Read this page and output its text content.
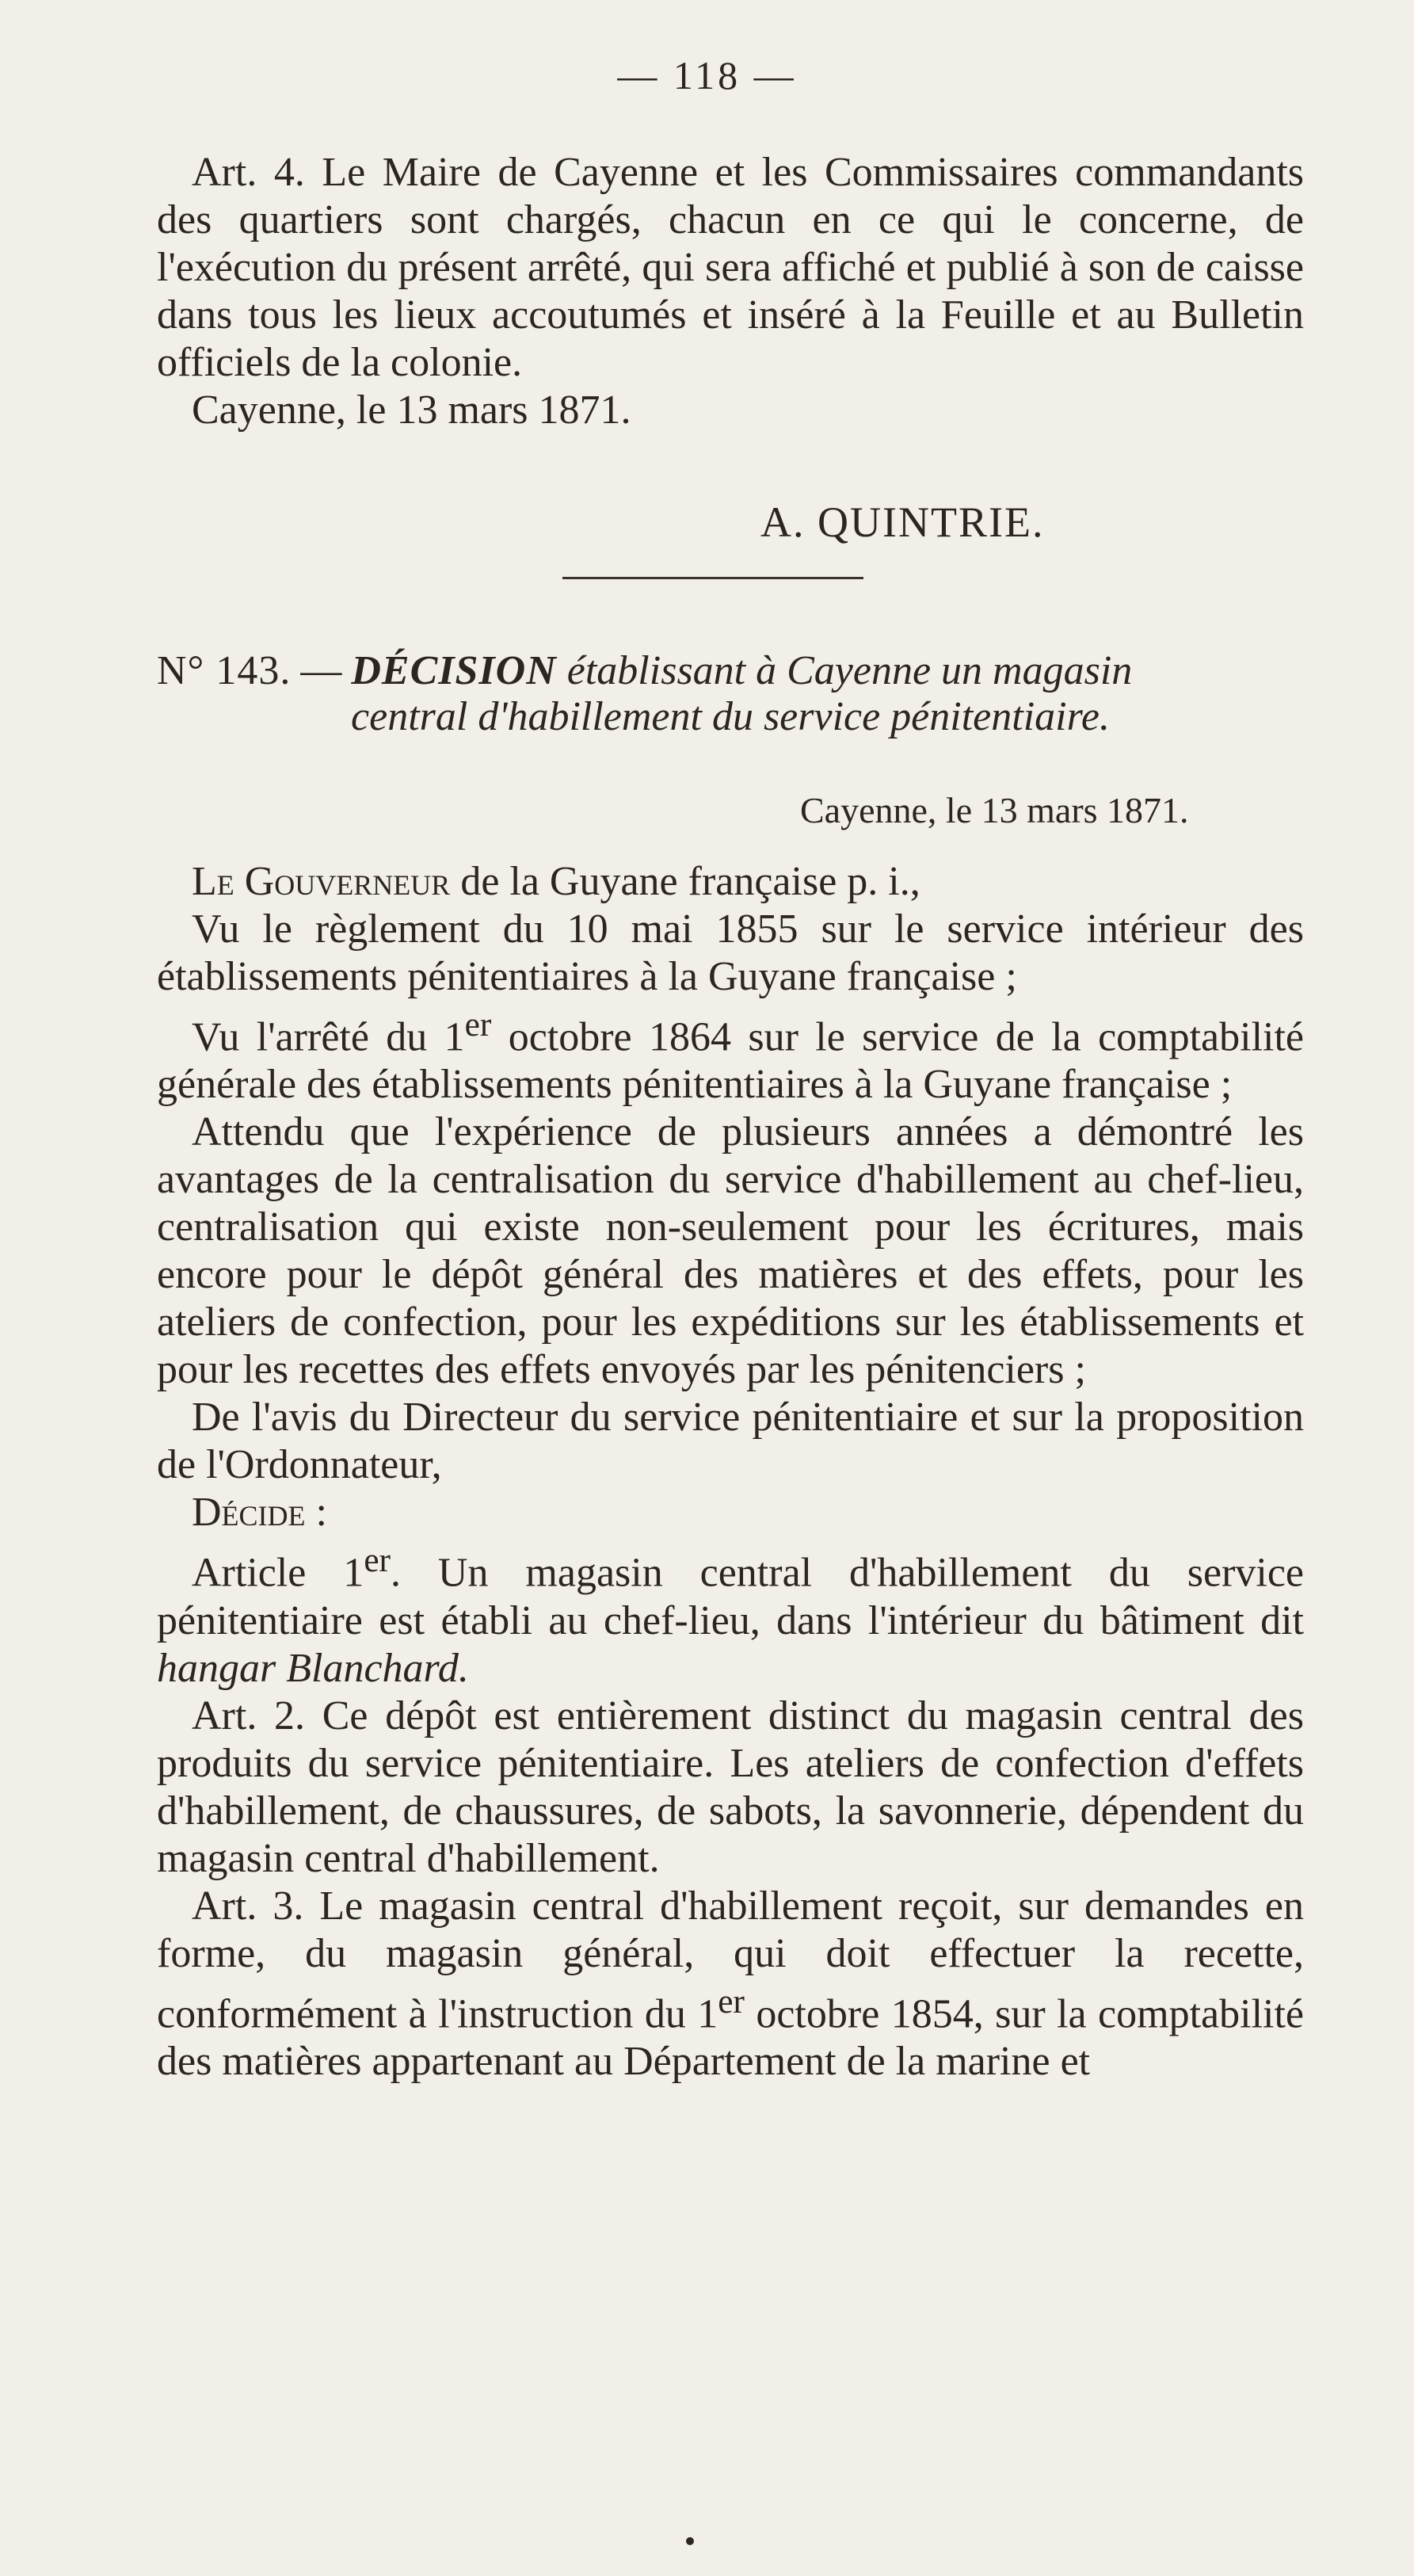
— 118 —

Art. 4. Le Maire de Cayenne et les Commissaires commandants des quartiers sont chargés, chacun en ce qui le concerne, de l'exécution du présent arrêté, qui sera affiché et publié à son de caisse dans tous les lieux accoutumés et inséré à la Feuille et au Bulletin officiels de la colonie.

Cayenne, le 13 mars 1871.

A. QUINTRIE.

N° 143. — DÉCISION établissant à Cayenne un magasin

central d'habillement du service pénitentiaire.

Cayenne, le 13 mars 1871.

Le Gouverneur de la Guyane française p. i.,

Vu le règlement du 10 mai 1855 sur le service intérieur des établissements pénitentiaires à la Guyane française ;

Vu l'arrêté du 1er octobre 1864 sur le service de la comptabilité générale des établissements pénitentiaires à la Guyane française ;

Attendu que l'expérience de plusieurs années a démontré les avantages de la centralisation du service d'habillement au chef-lieu, centralisation qui existe non-seulement pour les écritures, mais encore pour le dépôt général des matières et des effets, pour les ateliers de confection, pour les expéditions sur les établissements et pour les recettes des effets envoyés par les pénitenciers ;

De l'avis du Directeur du service pénitentiaire et sur la proposition de l'Ordonnateur,

Décide :

Article 1er. Un magasin central d'habillement du service pénitentiaire est établi au chef-lieu, dans l'intérieur du bâtiment dit hangar Blanchard.

Art. 2. Ce dépôt est entièrement distinct du magasin central des produits du service pénitentiaire. Les ateliers de confection d'effets d'habillement, de chaussures, de sabots, la savonnerie, dépendent du magasin central d'habillement.

Art. 3. Le magasin central d'habillement reçoit, sur demandes en forme, du magasin général, qui doit effectuer la recette, conformément à l'instruction du 1er octobre 1854, sur la comptabilité des matières appartenant au Département de la marine et
